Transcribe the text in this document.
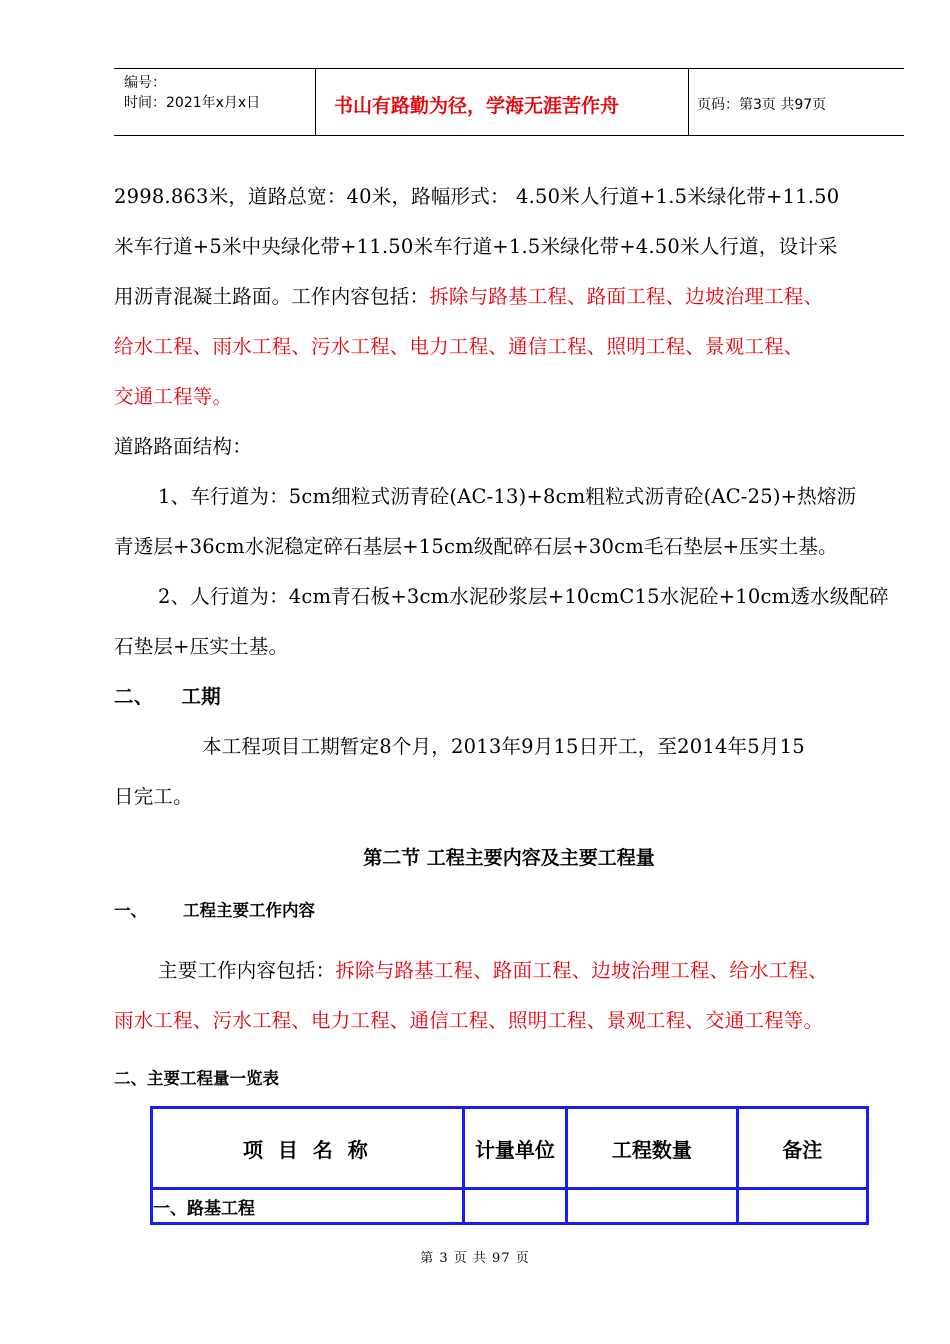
编号：
时间：2021年x月x日	书山有路勤为径，学海无涯苦作舟	页码：第3页 共97页
2998.863米，道路总宽：40米，路幅形式： 4.50米人行道+1.5米绿化带+11.50
米车行道+5米中央绿化带+11.50米车行道+1.5米绿化带+4.50米人行道，设计采
用沥青混凝土路面。工作内容包括：拆除与路基工程、路面工程、边坡治理工程、
给水工程、雨水工程、污水工程、电力工程、通信工程、照明工程、景观工程、
交通工程等。
道路路面结构：
1、车行道为：5cm细粒式沥青砼(AC-13)+8cm粗粒式沥青砼(AC-25)+热熔沥
青透层+36cm水泥稳定碎石基层+15cm级配碎石层+30cm毛石垫层+压实土基。
2、人行道为：4cm青石板+3cm水泥砂浆层+10cmC15水泥砼+10cm透水级配碎
石垫层+压实土基。
二、 工期
本工程项目工期暂定8个月，2013年9月15日开工，至2014年5月15
日完工。
第二节 工程主要内容及主要工程量
一、 工程主要工作内容
主要工作内容包括：拆除与路基工程、路面工程、边坡治理工程、给水工程、
雨水工程、污水工程、电力工程、通信工程、照明工程、景观工程、交通工程等。
二、主要工程量一览表
项 目 名 称	计量单位	工程数量	备注
一、路基工程			
第 3 页 共 97 页
